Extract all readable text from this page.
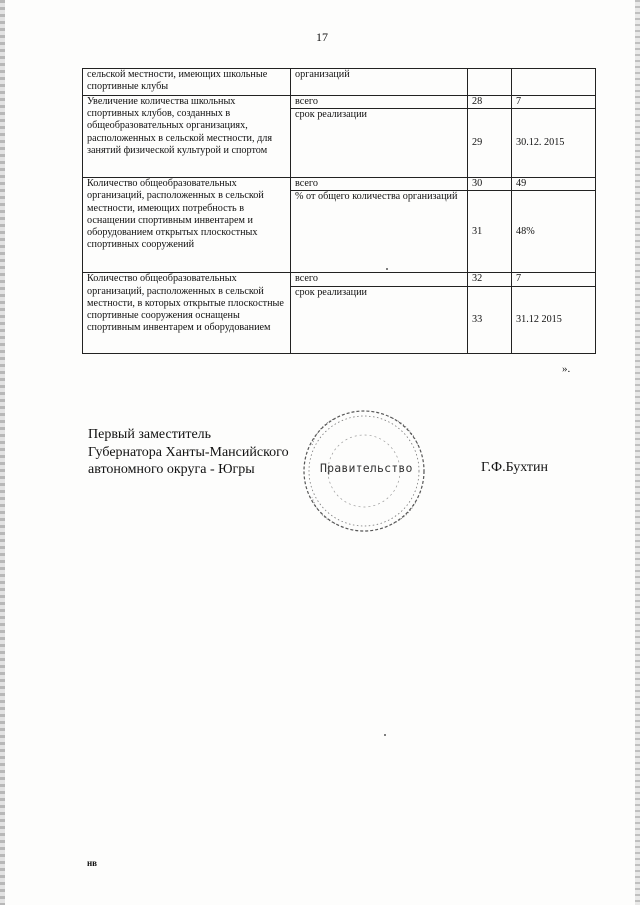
17
сельской местности, имеющих школьные спортивные клубы	организаций		
Увеличение количества школьных спортивных клубов, созданных в общеобразовательных организациях, расположенных в сельской местности, для занятий физической культурой и спортом	всего	28	7
	срок реализации	29	30.12. 2015
Количество общеобразовательных организаций, расположенных в сельской местности, имеющих потребность в оснащении спортивным инвентарем и оборудованием открытых плоскостных спортивных сооружений	всего	30	49
	% от общего количества организаций	31	48%
Количество общеобразовательных организаций, расположенных в сельской местности, в которых открытые плоскостные спортивные сооружения оснащены спортивным инвентарем и оборудованием	всего	32	7
	срок реализации	33	31.12 2015
».
Правительство
Первый заместитель
Губернатора Ханты-Мансийского
автономного округа - Югры	Г.Ф.Бухтин
нв
